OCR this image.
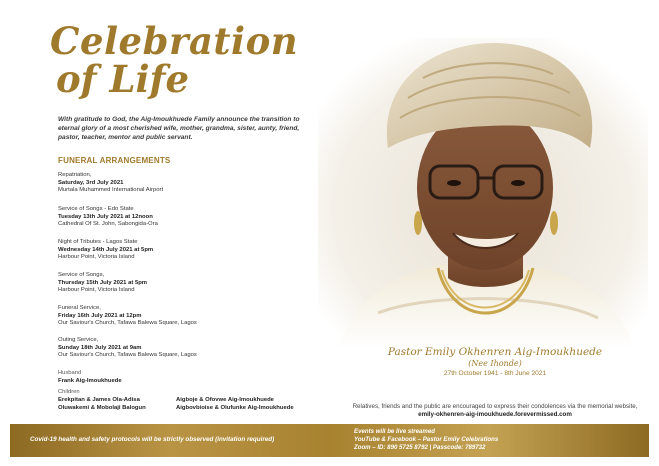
Celebration
of Life
With gratitude to God, the Aig-Imoukhuede Family announce the transition to eternal glory of a most cherished wife, mother, grandma, sister, aunty, friend, pastor, teacher, mentor and public servant.
FUNERAL ARRANGEMENTS
Repatriation,
Saturday, 3rd July 2021
Murtala Muhammed International Airport
Service of Songs - Edo State
Tuesday 13th July 2021 at 12noon
Cathedral Of St. John, Sabongida-Ora
Night of Tributes - Lagos State
Wednesday 14th July 2021 at 5pm
Harbour Point, Victoria Island
Service of Songs,
Thursday 15th July 2021 at 5pm
Harbour Point, Victoria Island
Funeral Service,
Friday 16th July 2021 at 12pm
Our Saviour's Church, Tafawa Balewa Square, Lagos
Outing Service,
Sunday 18th July 2021 at 9am
Our Saviour's Church, Tafawa Balewa Square, Lagos
Husband
Frank Aig-Imoukhuede
Children
Erekpitan & James Ola-Adisa	Aigboje & Ofovwe Aig-Imoukhuede
Oluwakemi & Mobolaji Balogun	Aigbovbioise & Olufunke Aig-Imoukhuede
Pastor Emily Okhenren Aig-Imoukhuede
(Nee Ihonde)
27th October 1941 - 8th June 2021
Relatives, friends and the public are encouraged to express their condolences via the memorial website, emily-okhenren-aig-imoukhuede.forevermissed.com
Covid-19 health and safety protocols will be strictly observed (invitation required)
Events will be live streamed
YouTube & Facebook – Pastor Emily Celebrations
Zoom – ID: 890 5725 8792 | Passcode: 789732
